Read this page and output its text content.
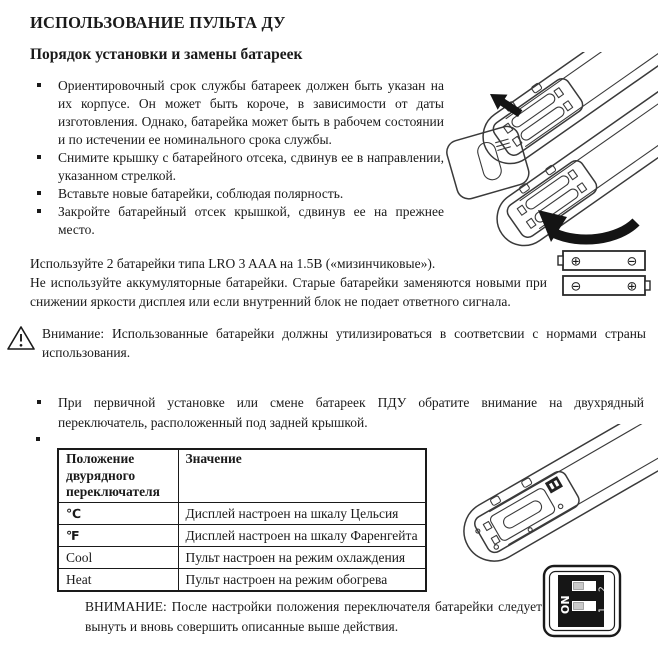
ИСПОЛЬЗОВАНИЕ ПУЛЬТА ДУ
Порядок установки и замены батареек
Ориентировочный срок службы батареек должен быть указан на их корпусе. Он может быть короче, в зависимости от даты изготовления. Однако, батарейка может быть в рабочем состоянии и по истечении ее номинального срока службы.
Снимите крышку с батарейного отсека, сдвинув ее в направлении, указанном стрелкой.
Вставьте новые батарейки, соблюдая полярность.
Закройте батарейный отсек крышкой, сдвинув ее на прежнее место.

Используйте 2 батарейки типа LRO 3 AAA на 1.5В («мизинчиковые»).

Не используйте аккумуляторные батарейки. Старые батарейки заменяются новыми при снижении яркости дисплея или если внутренний блок не подает ответного сигнала.

Внимание: Использованные батарейки должны утилизироваться в соответсвии с нормами страны использования.

При первичной установке или смене батареек ПДУ обратите внимание на двухрядный переключатель, расположенный под задней крышкой.
Положение двурядного переключателя	Значение
℃	Дисплей настроен на шкалу Цельсия
℉	Дисплей настроен на шкалу Фаренгейта
Cool	Пульт настроен на режим охлаждения
Heat	Пульт настроен на режим обогрева

ВНИМАНИЕ: После настройки положения переключателя батарейки следует вынуть и вновь совершить описанные выше действия.

⊕	⊖
⊖	⊕
ON
2
1
